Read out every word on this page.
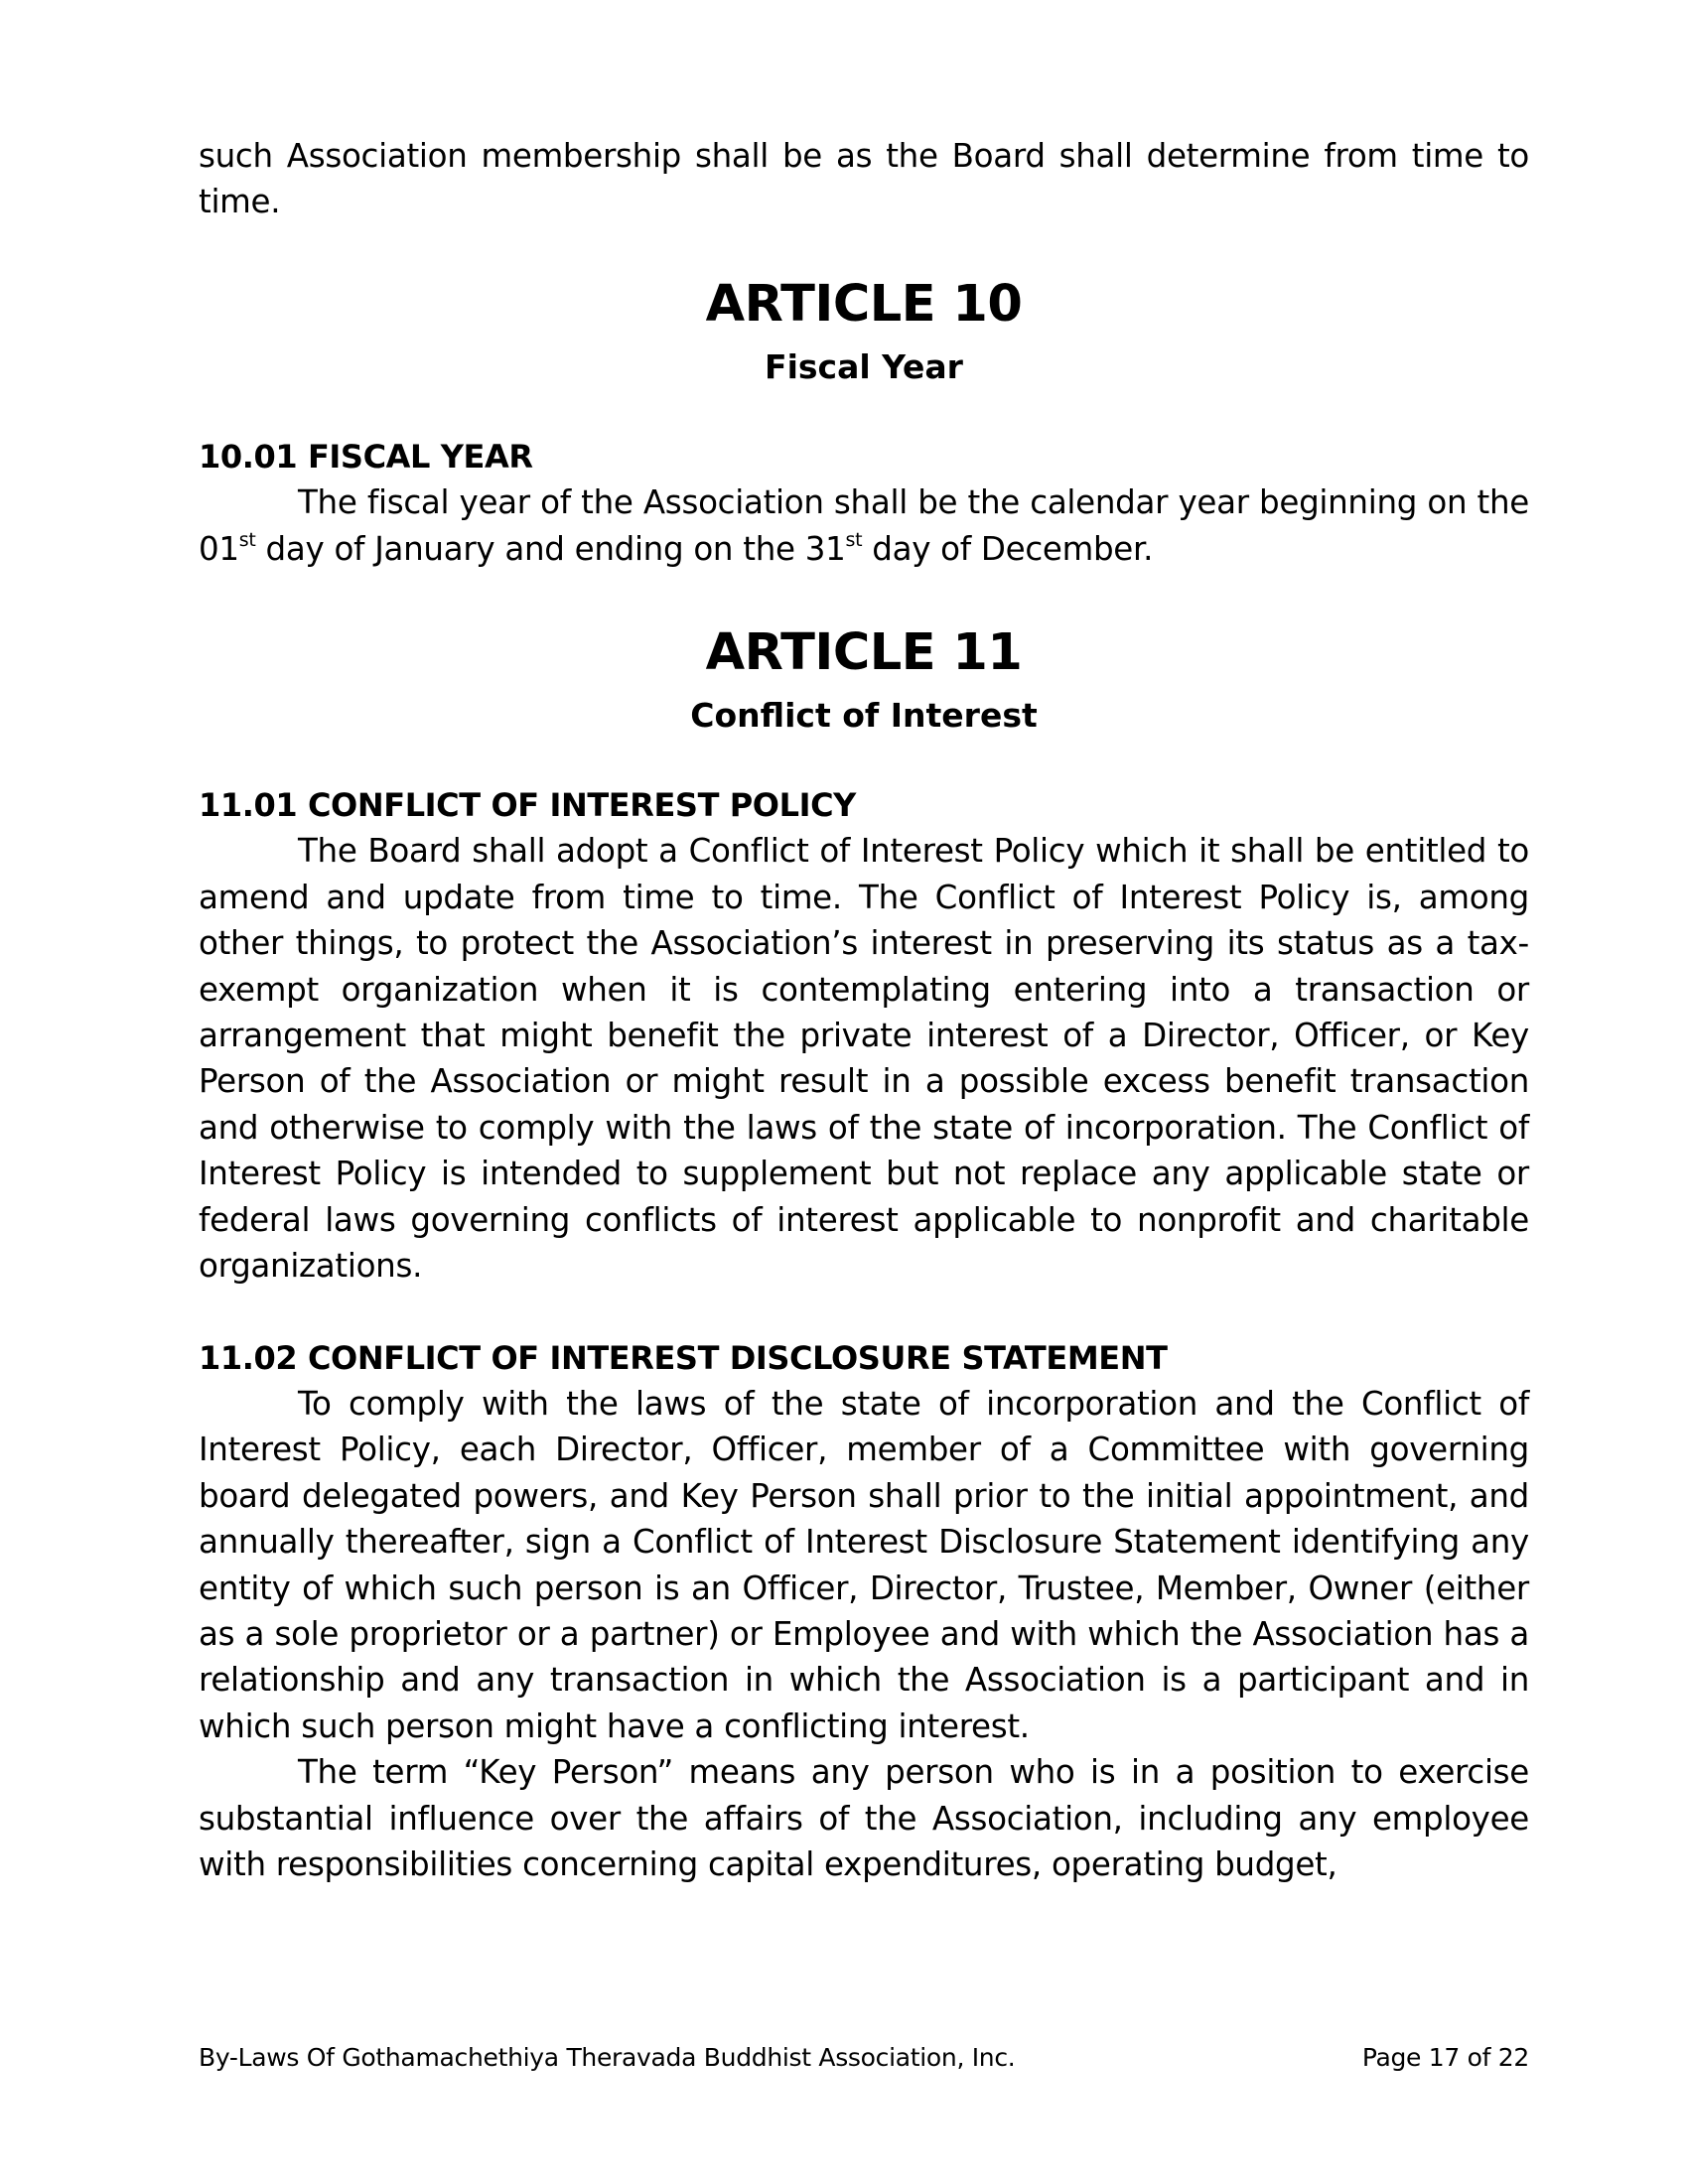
such Association membership shall be as the Board shall determine from time to time.

ARTICLE 10
Fiscal Year
10.01 FISCAL YEAR

The fiscal year of the Association shall be the calendar year beginning on the 01st day of January and ending on the 31st day of December.

ARTICLE 11
Conflict of Interest
11.01 CONFLICT OF INTEREST POLICY

The Board shall adopt a Conflict of Interest Policy which it shall be entitled to amend and update from time to time. The Conflict of Interest Policy is, among other things, to protect the Association’s interest in preserving its status as a tax-exempt organization when it is contemplating entering into a transaction or arrangement that might benefit the private interest of a Director, Officer, or Key Person of the Association or might result in a possible excess benefit transaction and otherwise to comply with the laws of the state of incorporation. The Conflict of Interest Policy is intended to supplement but not replace any applicable state or federal laws governing conflicts of interest applicable to nonprofit and charitable organizations.

11.02 CONFLICT OF INTEREST DISCLOSURE STATEMENT

To comply with the laws of the state of incorporation and the Conflict of Interest Policy, each Director, Officer, member of a Committee with governing board delegated powers, and Key Person shall prior to the initial appointment, and annually thereafter, sign a Conflict of Interest Disclosure Statement identifying any entity of which such person is an Officer, Director, Trustee, Member, Owner (either as a sole proprietor or a partner) or Employee and with which the Association has a relationship and any transaction in which the Association is a participant and in which such person might have a conflicting interest.

The term “Key Person” means any person who is in a position to exercise substantial influence over the affairs of the Association, including any employee with responsibilities concerning capital expenditures, operating budget,

By-Laws Of Gothamachethiya Theravada Buddhist Association, Inc.	Page 17 of 22
